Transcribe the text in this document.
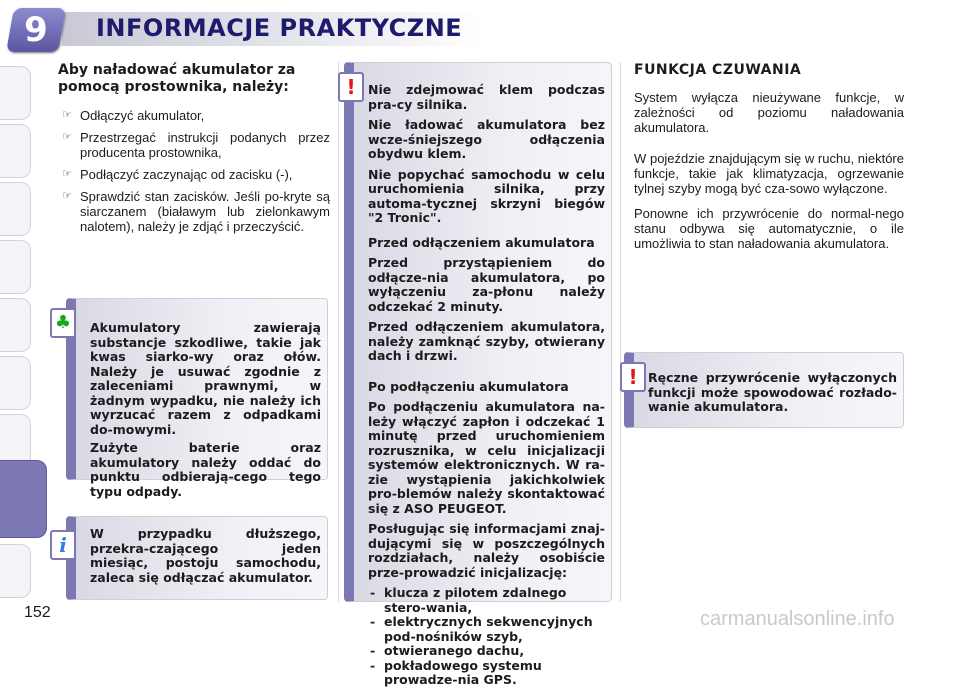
9	INFORMACJE PRAKTYCZNE
Aby naładować akumulator za pomocą prostownika, należy:
☞ Odłączyć akumulator,
☞ Przestrzegać instrukcji podanych przez producenta prostownika,
☞ Podłączyć zaczynając od zacisku (-),
☞ Sprawdzić stan zacisków. Jeśli po-kryte są siarczanem (białawym lub zielonkawym nalotem), należy je zdjąć i przeczyścić.

Akumulatory zawierają substancje szkodliwe, takie jak kwas siarko-wy oraz ołów. Należy je usuwać zgodnie z zaleceniami prawnymi, w żadnym wypadku, nie należy ich wyrzucać razem z odpadkami do-mowymi.

Zużyte baterie oraz akumulatory należy oddać do punktu odbierają-cego tego typu odpady.

♣

W przypadku dłuższego, przekra-czającego jeden miesiąc, postoju samochodu, zaleca się odłączać akumulator.

i

Nie zdejmować klem podczas pra-cy silnika.

Nie ładować akumulatora bez wcze-śniejszego odłączenia obydwu klem.

Nie popychać samochodu w celu uruchomienia silnika, przy automa-tycznej skrzyni biegów "2 Tronic".

Przed odłączeniem akumulatora

Przed przystąpieniem do odłącze-nia akumulatora, po wyłączeniu za-płonu należy odczekać 2 minuty.

Przed odłączeniem akumulatora, należy zamknąć szyby, otwierany dach i drzwi.

Po podłączeniu akumulatora

Po podłączeniu akumulatora na-leży włączyć zapłon i odczekać 1 minutę przed uruchomieniem rozrusznika, w celu inicjalizacji systemów elektronicznych. W ra-zie wystąpienia jakichkolwiek pro-blemów należy skontaktować się z ASO PEUGEOT.

Posługując się informacjami znaj-dującymi się w poszczególnych rozdziałach, należy osobiście prze-prowadzić inicjalizację:

- klucza z pilotem zdalnego stero-wania,
- elektrycznych sekwencyjnych pod-nośników szyb,
- otwieranego dachu,
- pokładowego systemu prowadze-nia GPS.
!
FUNKCJA CZUWANIA

System wyłącza nieużywane funkcje, w zależności od poziomu naładowania akumulatora.

W pojeździe znajdującym się w ruchu, niektóre funkcje, takie jak klimatyzacja, ogrzewanie tylnej szyby mogą być cza-sowo wyłączone.

Ponowne ich przywrócenie do normal-nego stanu odbywa się automatycznie, o ile umożliwia to stan naładowania akumulatora.

Ręczne przywrócenie wyłączonych funkcji może spowodować rozłado-wanie akumulatora.

!
152	carmanualsonline.info
